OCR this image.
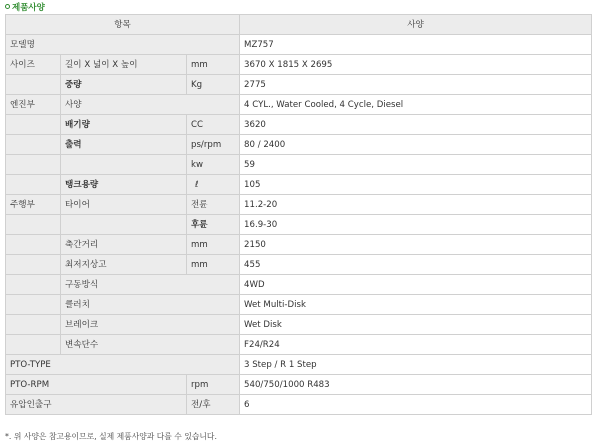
제품사양
항목			사양
모델명			MZ757
사이즈	길이 X 넓이 X 높이	mm	3670 X 1815 X 2695
	중량	Kg	2775
엔진부	사양		4 CYL., Water Cooled, 4 Cycle, Diesel
	배기량	CC	3620
	출력	ps/rpm	80 / 2400
		kw	59
	탱크용량	ℓ	105
주행부	타이어	전륜	11.2-20
		후륜	16.9-30
	축간거리	mm	2150
	최저지상고	mm	455
	구동방식		4WD
	클러치		Wet Multi-Disk
	브레이크		Wet Disk
	변속단수		F24/R24
PTO-TYPE			3 Step / R 1 Step
PTO-RPM		rpm	540/750/1000 R483
유압인출구		전/후	6
*. 위 사양은 참고용이므로, 실제 제품사양과 다를 수 있습니다.
